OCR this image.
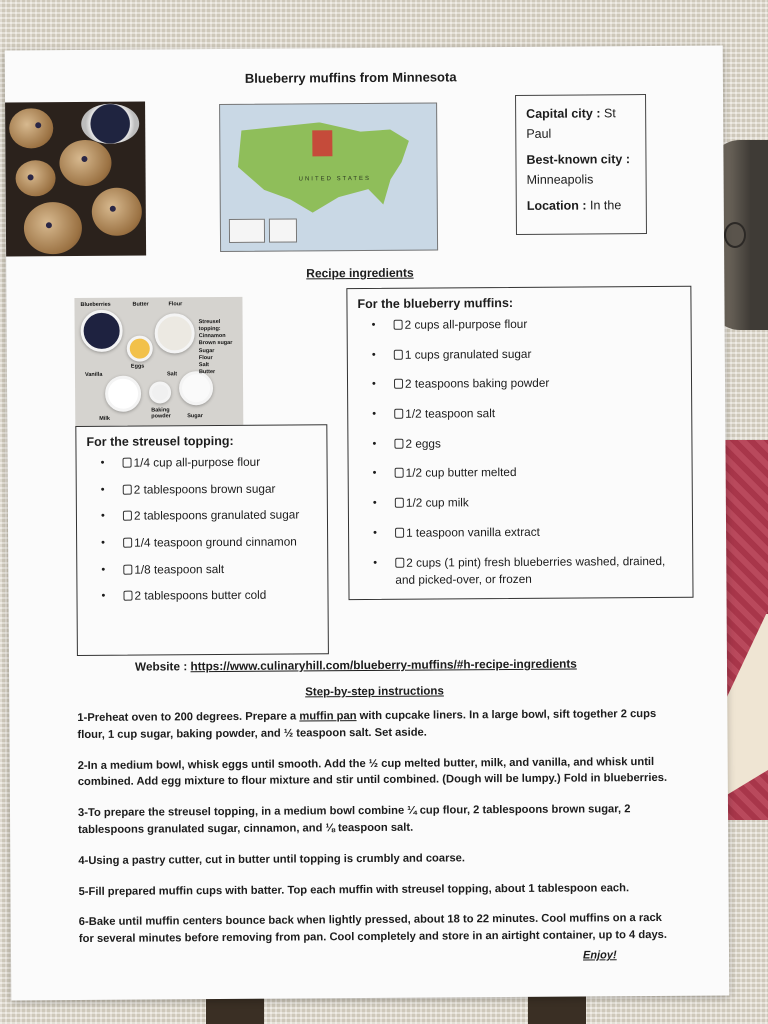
Blueberry muffins from Minnesota
UNITED STATES

Capital city : St Paul

Best-known city : Minneapolis

Location : In the

Recipe ingredients
Blueberries	Butter	Flour
Streusel topping:
Cinnamon
Brown sugar
Sugar
Flour
Salt
Butter
Eggs
Vanilla	Salt
Milk
Baking powder	Sugar
For the streusel topping:
• 1/4 cup all-purpose flour
• 2 tablespoons brown sugar
• 2 tablespoons granulated sugar
• 1/4 teaspoon ground cinnamon
• 1/8 teaspoon salt
• 2 tablespoons butter cold
For the blueberry muffins:
• 2 cups all-purpose flour
• 1 cups granulated sugar
• 2 teaspoons baking powder
• 1/2 teaspoon salt
• 2 eggs
• 1/2 cup butter melted
• 1/2 cup milk
• 1 teaspoon vanilla extract
• 2 cups (1 pint) fresh blueberries washed, drained, and picked-over, or frozen
Website : https://www.culinaryhill.com/blueberry-muffins/#h-recipe-ingredients
Step-by-step instructions
1-Preheat oven to 200 degrees. Prepare a muffin pan with cupcake liners. In a large bowl, sift together 2 cups flour, 1 cup sugar, baking powder, and ½ teaspoon salt. Set aside.
2-In a medium bowl, whisk eggs until smooth. Add the ½ cup melted butter, milk, and vanilla, and whisk until combined. Add egg mixture to flour mixture and stir until combined. (Dough will be lumpy.) Fold in blueberries.
3-To prepare the streusel topping, in a medium bowl combine ¼ cup flour, 2 tablespoons brown sugar, 2 tablespoons granulated sugar, cinnamon, and ⅛ teaspoon salt.
4-Using a pastry cutter, cut in butter until topping is crumbly and coarse.
5-Fill prepared muffin cups with batter. Top each muffin with streusel topping, about 1 tablespoon each.
6-Bake until muffin centers bounce back when lightly pressed, about 18 to 22 minutes. Cool muffins on a rack for several minutes before removing from pan. Cool completely and store in an airtight container, up to 4 days.
Enjoy!
